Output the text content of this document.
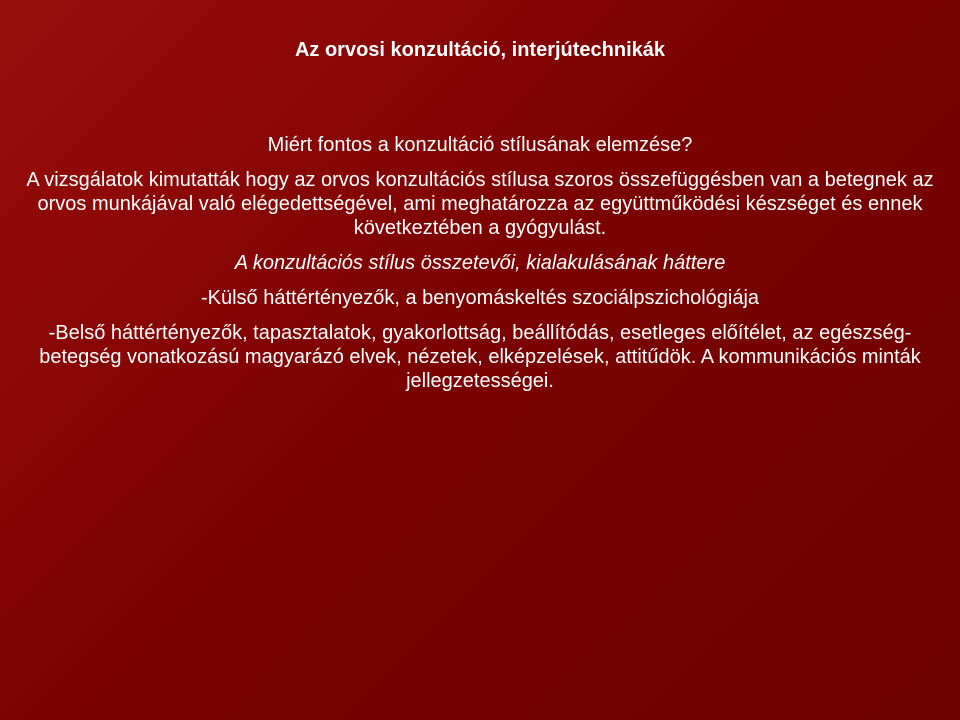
Az orvosi konzultáció, interjútechnikák

Miért fontos a konzultáció stílusának elemzése?

A vizsgálatok kimutatták hogy az orvos konzultációs stílusa szoros összefüggésben van a betegnek az orvos munkájával való elégedettségével, ami meghatározza az együttműködési készséget és ennek következtében a gyógyulást.

A konzultációs stílus összetevői, kialakulásának háttere

-Külső háttértényezők, a benyomáskeltés szociálpszichológiája

-Belső háttértényezők, tapasztalatok, gyakorlottság, beállítódás, esetleges előítélet, az egészség-betegség vonatkozású magyarázó elvek, nézetek, elképzelések, attitűdök. A kommunikációs minták jellegzetességei.
